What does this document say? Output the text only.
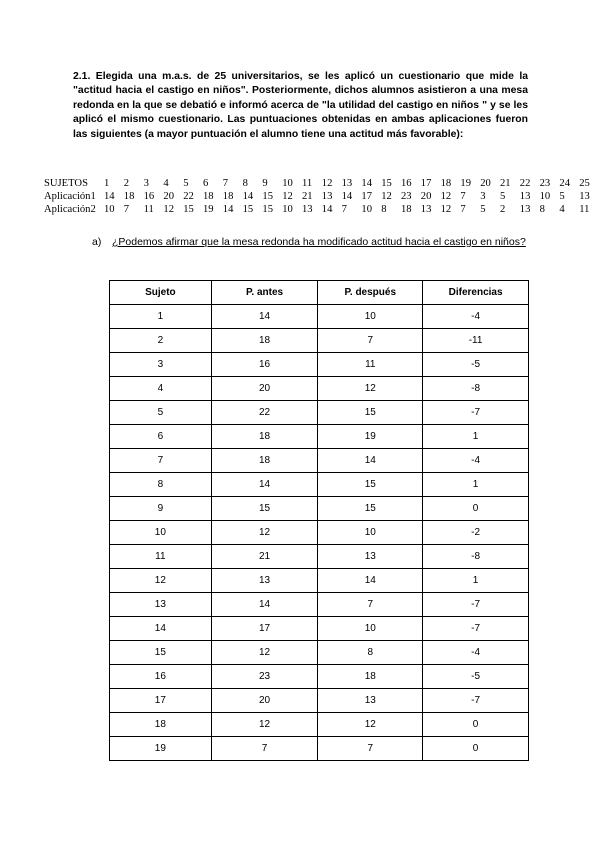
2.1. Elegida una m.a.s. de 25 universitarios, se les aplicó un cuestionario que mide la "actitud hacia el castigo en niños". Posteriormente, dichos alumnos asistieron a una mesa redonda en la que se debatió e informó acerca de "la utilidad del castigo en niños " y se les aplicó el mismo cuestionario. Las puntuaciones obtenidas en ambas aplicaciones fueron las siguientes (a mayor puntuación el alumno tiene una actitud más favorable):
SUJETOS 1 2 3 4 5 6 7 8 9 10 11 12 13 14 15 16 17 18 19 20 21 22 23 24 25
Aplicación1 14 18 16 20 22 18 18 14 15 12 21 13 14 17 12 23 20 12 7 3 5 13 10 5 13
Aplicación2 10 7 11 12 15 19 14 15 15 10 13 14 7 10 8 18 13 12 7 5 2 13 8 4 11
a) ¿Podemos afirmar que la mesa redonda ha modificado actitud hacia el castigo en niños?
Sujeto	P. antes	P. después	Diferencias
1	14	10	-4
2	18	7	-11
3	16	11	-5
4	20	12	-8
5	22	15	-7
6	18	19	1
7	18	14	-4
8	14	15	1
9	15	15	0
10	12	10	-2
11	21	13	-8
12	13	14	1
13	14	7	-7
14	17	10	-7
15	12	8	-4
16	23	18	-5
17	20	13	-7
18	12	12	0
19	7	7	0
